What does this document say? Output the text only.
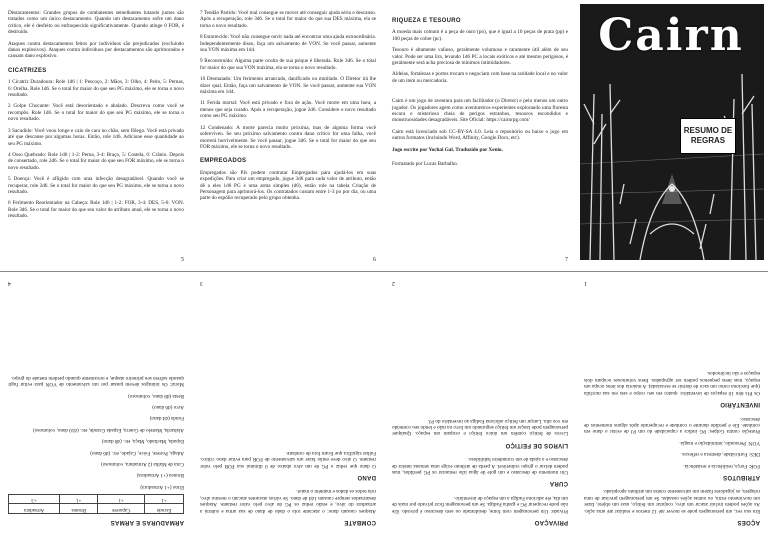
Destacamentos: Grandes grupos de combatentes semelhantes lutando juntos são tratados como um único destacamento. Quando um destacamento sofre um dano crítico, ele é desfeito ou enfraquecido significativamente. Quando atinge 0 FOR, é destruído.

Ataques contra destacamentos feitos por indivíduos são prejudicados (excluindo danos explosivos). Ataques contra indivíduos por destacamentos são aprimorados e causam dano explosivo.

CICATRIZES

1 Cicatriz Duradoura: Role 1d6 | 1: Pescoço, 2: Mãos, 3: Olho, 4: Peito, 5: Pernas, 6: Orelha. Role 1d6. Se o total for maior do que seu PG máximo, ele se torna o novo resultado.

2 Golpe Chocante: Você está desorientado e abalado. Descreva como você se recompôs. Role 1d6. Se o total for maior do que seu PG máximo, ele se torna o novo resultado.

3 Sacudido: Você voou longe e caiu de cara no chão, sem fôlego. Você está privado até que descanse por algumas horas. Então, role 1d6. Adicione esse quantidade ao seu PG máximo.

4 Osso Quebrado: Role 1d6 | 1-2: Perna, 3-4: Braço, 5: Costela, 6: Crânio. Depois de consertado, role 2d6. Se o total for maior do que seu FOR máximo, ele se torna o novo resultado.

5 Doença: Você é afligido com uma infecção desagradável. Quando você se recuperar, role 2d6. Se o total for maior do que seu PG máximo, ele se torna o novo resultado.

6 Ferimento Reorientador na Cabeça: Role 1d6 | 1-2: FOR, 3-4: DES, 5-6: VON. Role 3d6. Se o total for maior do que seu valor de atributo atual, ele se torna o novo resultado.

5

7 Tendão Partido: Você mal consegue se mover até conseguir ajuda séria e descanso. Após a recuperação, role 3d6. Se o total for maior do que sua DES máxima, ela se torna o novo resultado.

8 Estarrecido: Você não consegue ouvir nada até encontrar uma ajuda extraordinária. Independentemente disso, faça um salvamento de VON. Se você passar, aumente sua VON máxima em 1d4.

9 Reconstruído: Alguma parte oculta de sua psique é liberada. Role 3d6. Se o total for maior do que sua VON máxima, ela se torna o novo resultado.

10 Desmaiado: Um ferimento arrancado, danificado ou mutilado. O Diretor irá lhe dizer qual. Então, faça um salvamento de VON. Se você passar, aumente sua VON máxima em 1d4.

11 Ferida mortal: Você está privado e fora de ação. Você morre em uma hora, a menos que seja curado. Após a recuperação, jogue 2d6. Considere o novo resultado como seu PG máximo.

12 Condenado: A morte parecia muito próxima, mas de alguma forma você sobreviveu. Se seu próximo salvamento contra dano crítico for uma falha, você morrerá horrivelmente. Se você passar, jogue 3d6. Se o total for maior do que seu FOR máximo, ele se torna o novo resultado.

EMPREGADOS

Empregados são PJs podem contratar Empregados para ajudá-los em suas expedições. Para criar um empregado, jogue 3d6 para cada valor de atributo, então dê a eles 1d6 PG e uma arma simples (d6), então role na tabela Criação de Personagem para aprimorá-los. Os contratados custam entre 1-3 po por dia, ou uma parte do espólio recuperado pelo grupo obtenha.

6
RIQUEZA E TESOURO

A moeda mais comum é a peça de ouro (po), que é igual a 10 peças de prata (pp) e 100 peças de cobre (pc).

Tesouro é altamente valioso, geralmente volumoso e raramente útil além de seu valor. Pode ser uma lira, levando 1d6 PC a locais exóticos e até mesmo perigosos, é geralmente será acha preciosa de mínimos intimidadores.

Aldeias, fortalezas e portos trocam e negociam com base na raridade local e no valor de um item ou mercadoria.

Cairn é um jogo de aventura para um facilitador (o Diretor) e pelo menos um outro jogador. Os jogadores agem como aventureiros experientes explorando uma floresta escura e misteriosa cheia de perigos estranhos, tesouros escondidos e monstruosidades desagradáveis. Site Oficial: https://cairnrpg.com/

Cairn está licenciado sob CC-BY-SA 4.0. Leia o repositório ou baixe o jogo em outros formatos (incluindo Word, Affinity, Google Docs, etc).

Jogo escrito por Yochai Gal. Traduzido por Xenio.

Formatado por Lucas Barbalho.

7
RESUMO DE
REGRAS
Cairn
AÇÕES

Em sua vez, um personagem pode se mover até 12 metros e realizar até uma ação. As ações podem incluir atacar um alvo, conjurar um feitiço, usar um objeto, fazer um movimento extra, ou outras ações ousadas. Se um personagem precisar de uma rolagem, os jogadores fazem um salvamento contra um atributo apropriado.

ATRIBUTOS

FOR: Força, resiliência e resistência.

DES: Furtividade, destreza e reflexos.

VON: Persuasão, intimidação e magia.

Proteção contra Golpes: PG indica a capacidade do um PJ de evitar o dano em combate. Ele é perdido durante o combate e recuperado após alguns momentos de descanso.

INVENTÁRIO

Os PJs têm 10 espaços de inventário: quatro em seu corpo e seis em sua mochila (que funciona como um saco de dormir se esvaziada). A maioria dos itens ocupa um espaço, mas itens pequenos podem ser agrupados. Itens volumosos ocupam dois espaços e são incômodos.

1
PRIVAÇÃO

Privado: Um personagem com fome, desidratado ou sem descanso é privado. Ele não pode recuperar PG e ganha Fadiga. Se um personagem ficar privado por mais de um dia, ele adiciona Fadiga a um espaço de inventário.

CURA

Um momento de descanso e um gole de água irão restaurar os PG perdidos, mas podem deixar o grupo vulnerável. A perda de atributo exige uma semana inteira de descanso e a ajuda de um curandeiro habilidoso.

LIVROS DE FEITIÇO

Livros de feitiço contêm um único feitiço e ocupam um espaço. Qualquer personagem pode lançar um feitiço segurando um livro na mão e lendo seu conteúdo em voz alta. Lançar um feitiço adiciona Fadiga ao inventário do PJ.

2
COMBATE

Ataques causam dano: o atacante rola o dado de dano de sua arma e subtrai a armadura do alvo, e então reduz os PG do alvo pelo valor restante. Ataques desarmados sempre causam 1d4 de dano. Se vários atacantes atacam o mesmo alvo, rola todos os dados e mantém o maior.

DANO

O dano que reduz o PG de um alvo abaixo de 0 diminui sua FOR pelo valor restante. O alvo deve então fazer um salvamento de FOR para evitar dano crítico. Falhar significa que ficam fora de combate.

3
ARMADURAS E ARMAS
Escudo	Capacete	Brunea	Armadura
+1	+1	+1	+3

Elmo (+1 Armadura)

Brunea (+1 Armadura)

Cota de Malha (2 Armadura, volumoso)

Adaga, Porrete, Foice, Cajado, etc. (d6 dano)

Espada, Machado, Maça, etc. (d8 dano)

Alabarda, Martelo de Guerra, Espada Grande, etc. (d10 dano, volumoso)

Funda (d4 dano)

Arco (d6 dano)

Besta (d8 dano, volumoso)

Moral: Os inimigos devem passar por um salvamento de VON para evitar fugir quando sofrem seu primeiro ataque, e novamente quando perdem metade do grupo.

4
